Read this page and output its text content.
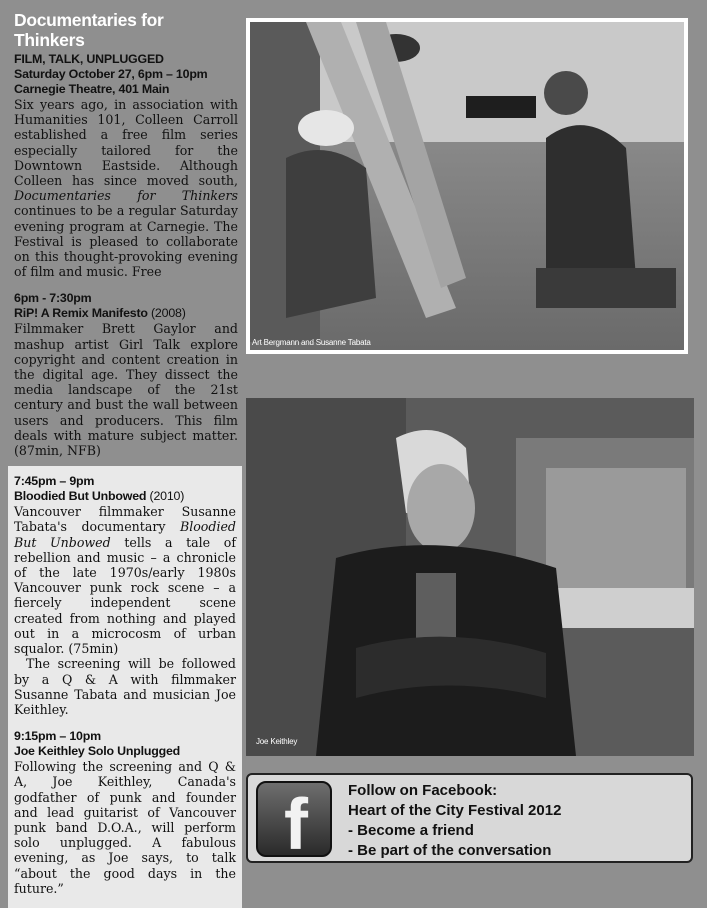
Documentaries for Thinkers
FILM, TALK, UNPLUGGED
Saturday October 27, 6pm – 10pm
Carnegie Theatre, 401 Main

Six years ago, in association with Humanities 101, Colleen Carroll established a free film series especially tailored for the Downtown Eastside. Although Colleen has since moved south, Documentaries for Thinkers continues to be a regular Saturday evening program at Carnegie. The Festival is pleased to collaborate on this thought-provoking evening of film and music. Free

6pm - 7:30pm
RiP! A Remix Manifesto (2008)

Filmmaker Brett Gaylor and mashup artist Girl Talk explore copyright and content creation in the digital age. They dissect the media landscape of the 21st century and bust the wall between users and producers. This film deals with mature subject matter. (87min, NFB)

7:45pm – 9pm
Bloodied But Unbowed (2010)

Vancouver filmmaker Susanne Tabata's documentary Bloodied But Unbowed tells a tale of rebellion and music – a chronicle of the late 1970s/early 1980s Vancouver punk rock scene – a fiercely independent scene created from nothing and played out in a microcosm of urban squalor. (75min)

The screening will be followed by a Q & A with filmmaker Susanne Tabata and musician Joe Keithley.

9:15pm – 10pm
Joe Keithley Solo Unplugged

Following the screening and Q & A, Joe Keithley, Canada's godfather of punk and founder and lead guitarist of Vancouver punk band D.O.A., will perform solo unplugged. A fabulous evening, as Joe says, to talk “about the good days in the future.”

Art Bergmann and Susanne Tabata
Joe Keithley
f	Follow on Facebook:
Heart of the City Festival 2012
- Become a friend
- Be part of the conversation
